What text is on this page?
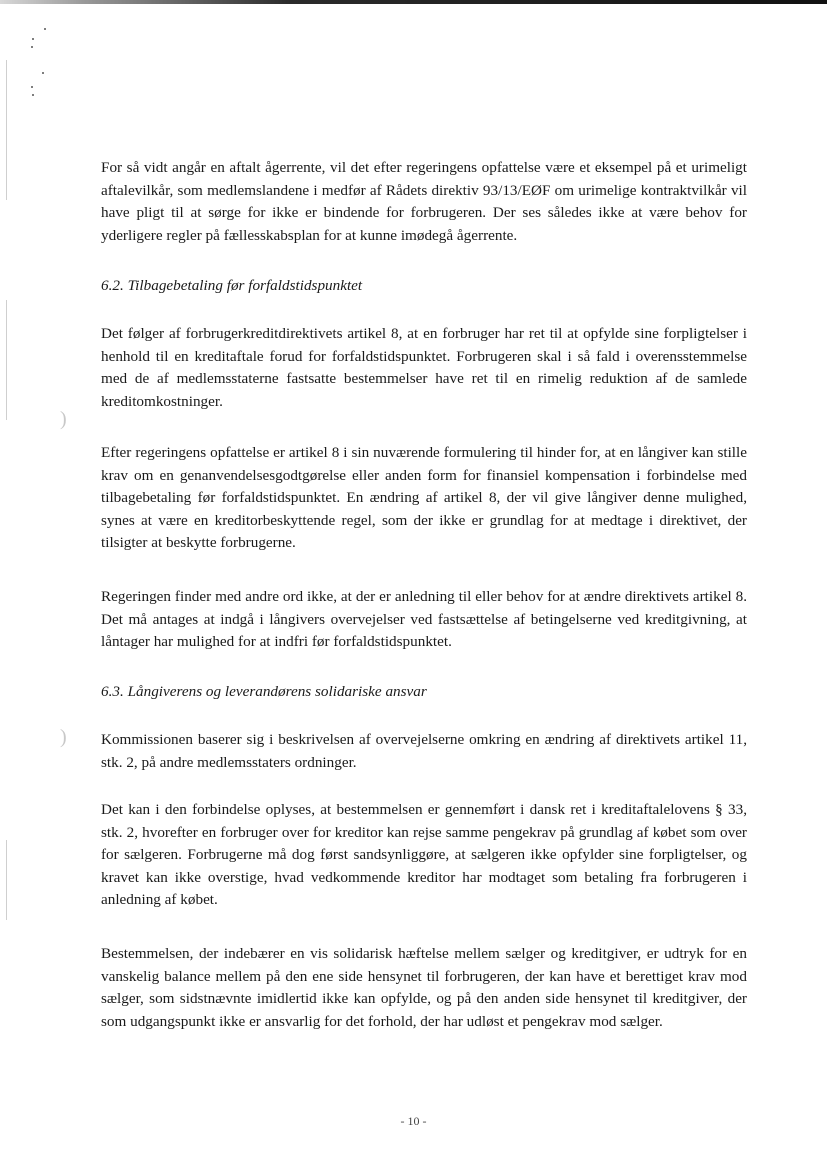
)
)

For så vidt angår en aftalt ågerrente, vil det efter regeringens opfattelse være et eksempel på et urimeligt aftalevilkår, som medlemslandene i medfør af Rådets direktiv 93/13/EØF om urimelige kontraktvilkår vil have pligt til at sørge for ikke er bindende for forbrugeren. Der ses således ikke at være behov for yderligere regler på fællesskabsplan for at kunne imødegå ågerrente.

6.2. Tilbagebetaling før forfaldstidspunktet

Det følger af forbrugerkreditdirektivets artikel 8, at en forbruger har ret til at opfylde sine forpligtelser i henhold til en kreditaftale forud for forfaldstidspunktet. Forbrugeren skal i så fald i overensstemmelse med de af medlemsstaterne fastsatte bestemmelser have ret til en rimelig reduktion af de samlede kreditomkostninger.

Efter regeringens opfattelse er artikel 8 i sin nuværende formulering til hinder for, at en långiver kan stille krav om en genanvendelsesgodtgørelse eller anden form for finansiel kompensation i forbindelse med tilbagebetaling før forfaldstidspunktet. En ændring af artikel 8, der vil give långiver denne mulighed, synes at være en kreditorbeskyttende regel, som der ikke er grundlag for at medtage i direktivet, der tilsigter at beskytte forbrugerne.

Regeringen finder med andre ord ikke, at der er anledning til eller behov for at ændre direktivets artikel 8. Det må antages at indgå i långivers overvejelser ved fastsættelse af betingelserne ved kreditgivning, at låntager har mulighed for at indfri før forfaldstidspunktet.

6.3. Långiverens og leverandørens solidariske ansvar

Kommissionen baserer sig i beskrivelsen af overvejelserne omkring en ændring af direktivets artikel 11, stk. 2, på andre medlemsstaters ordninger.

Det kan i den forbindelse oplyses, at bestemmelsen er gennemført i dansk ret i kreditaftalelovens § 33, stk. 2, hvorefter en forbruger over for kreditor kan rejse samme pengekrav på grundlag af købet som over for sælgeren. Forbrugerne må dog først sandsynliggøre, at sælgeren ikke opfylder sine forpligtelser, og kravet kan ikke overstige, hvad vedkommende kreditor har modtaget som betaling fra forbrugeren i anledning af købet.

Bestemmelsen, der indebærer en vis solidarisk hæftelse mellem sælger og kreditgiver, er udtryk for en vanskelig balance mellem på den ene side hensynet til forbrugeren, der kan have et berettiget krav mod sælger, som sidstnævnte imidlertid ikke kan opfylde, og på den anden side hensynet til kreditgiver, der som udgangspunkt ikke er ansvarlig for det forhold, der har udløst et pengekrav mod sælger.

- 10 -
